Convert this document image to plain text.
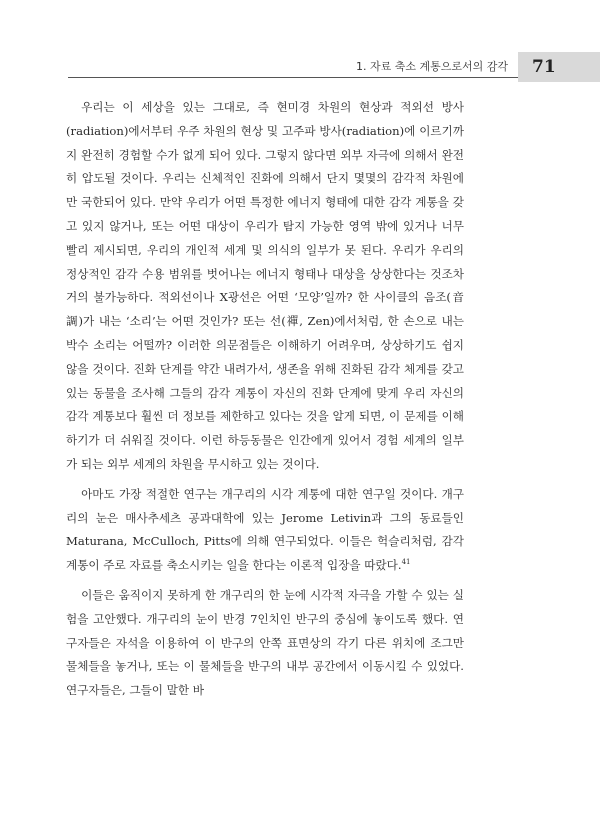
1. 자료 축소 계통으로서의 감각 71

우리는 이 세상을 있는 그대로, 즉 현미경 차원의 현상과 적외선 방사(radiation)에서부터 우주 차원의 현상 및 고주파 방사(radiation)에 이르기까지 완전히 경험할 수가 없게 되어 있다. 그렇지 않다면 외부 자극에 의해서 완전히 압도될 것이다. 우리는 신체적인 진화에 의해서 단지 몇몇의 감각적 차원에만 국한되어 있다. 만약 우리가 어떤 특정한 에너지 형태에 대한 감각 계통을 갖고 있지 않거나, 또는 어떤 대상이 우리가 탐지 가능한 영역 밖에 있거나 너무 빨리 제시되면, 우리의 개인적 세계 및 의식의 일부가 못 된다. 우리가 우리의 정상적인 감각 수용 범위를 벗어나는 에너지 형태나 대상을 상상한다는 것조차 거의 불가능하다. 적외선이나 X광선은 어떤 ‘모양’일까? 한 사이클의 음조(音調)가 내는 ‘소리’는 어떤 것인가? 또는 선(禪, Zen)에서처럼, 한 손으로 내는 박수 소리는 어떨까? 이러한 의문점들은 이해하기 어려우며, 상상하기도 쉽지 않을 것이다. 진화 단계를 약간 내려가서, 생존을 위해 진화된 감각 체계를 갖고 있는 동물을 조사해 그들의 감각 계통이 자신의 진화 단계에 맞게 우리 자신의 감각 계통보다 훨씬 더 정보를 제한하고 있다는 것을 알게 되면, 이 문제를 이해하기가 더 쉬워질 것이다. 이런 하등동물은 인간에게 있어서 경험 세계의 일부가 되는 외부 세계의 차원을 무시하고 있는 것이다.

아마도 가장 적절한 연구는 개구리의 시각 계통에 대한 연구일 것이다. 개구리의 눈은 매사추세츠 공과대학에 있는 Jerome Letivin과 그의 동료들인 Maturana, McCulloch, Pitts에 의해 연구되었다. 이들은 헉슬리처럼, 감각 계통이 주로 자료를 축소시키는 일을 한다는 이론적 입장을 따랐다.$^{41}$

이들은 움직이지 못하게 한 개구리의 한 눈에 시각적 자극을 가할 수 있는 실험을 고안했다. 개구리의 눈이 반경 7인치인 반구의 중심에 놓이도록 했다. 연구자들은 자석을 이용하여 이 반구의 안쪽 표면상의 각기 다른 위치에 조그만 물체들을 놓거나, 또는 이 물체들을 반구의 내부 공간에서 이동시킬 수 있었다. 연구자들은, 그들이 말한 바
